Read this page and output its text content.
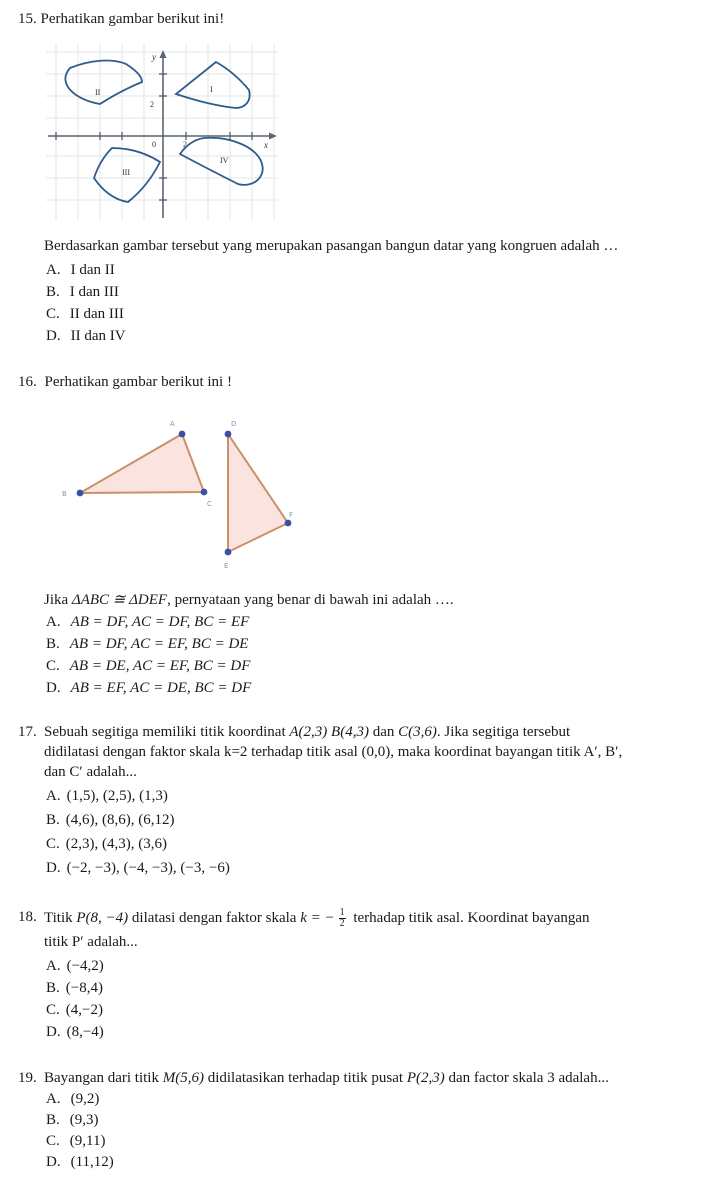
15. Perhatikan gambar berikut ini!
y
x
2
0	2
II	I
III
IV
Berdasarkan gambar tersebut yang merupakan pasangan bangun datar yang kongruen adalah …
A. I dan II
B. I dan III
C. II dan III
D. II dan IV
16. Perhatikan gambar berikut ini !
A
B
C
D
E
F
Jika ΔABC ≅ ΔDEF, pernyataan yang benar di bawah ini adalah ….
A. AB = DF, AC = DF, BC = EF
B. AB = DF, AC = EF, BC = DE
C. AB = DE, AC = EF, BC = DF
D. AB = EF, AC = DE, BC = DF
17. Sebuah segitiga memiliki titik koordinat A(2,3) B(4,3) dan C(3,6). Jika segitiga tersebut
didilatasi dengan faktor skala k=2 terhadap titik asal (0,0), maka koordinat bayangan titik A′, B′,
dan C′ adalah...
A. (1,5), (2,5), (1,3)
B. (4,6), (8,6), (6,12)
C. (2,3), (4,3), (3,6)
D. (−2, −3), (−4, −3), (−3, −6)
18. Titik P(8, −4) dilatasi dengan faktor skala k = − $\frac{1}{2}$ terhadap titik asal. Koordinat bayangan
titik P′ adalah...
A. (−4,2)
B. (−8,4)
C. (4,−2)
D. (8,−4)
19. Bayangan dari titik M(5,6) didilatasikan terhadap titik pusat P(2,3) dan factor skala 3 adalah...
A. (9,2)
B. (9,3)
C. (9,11)
D. (11,12)
